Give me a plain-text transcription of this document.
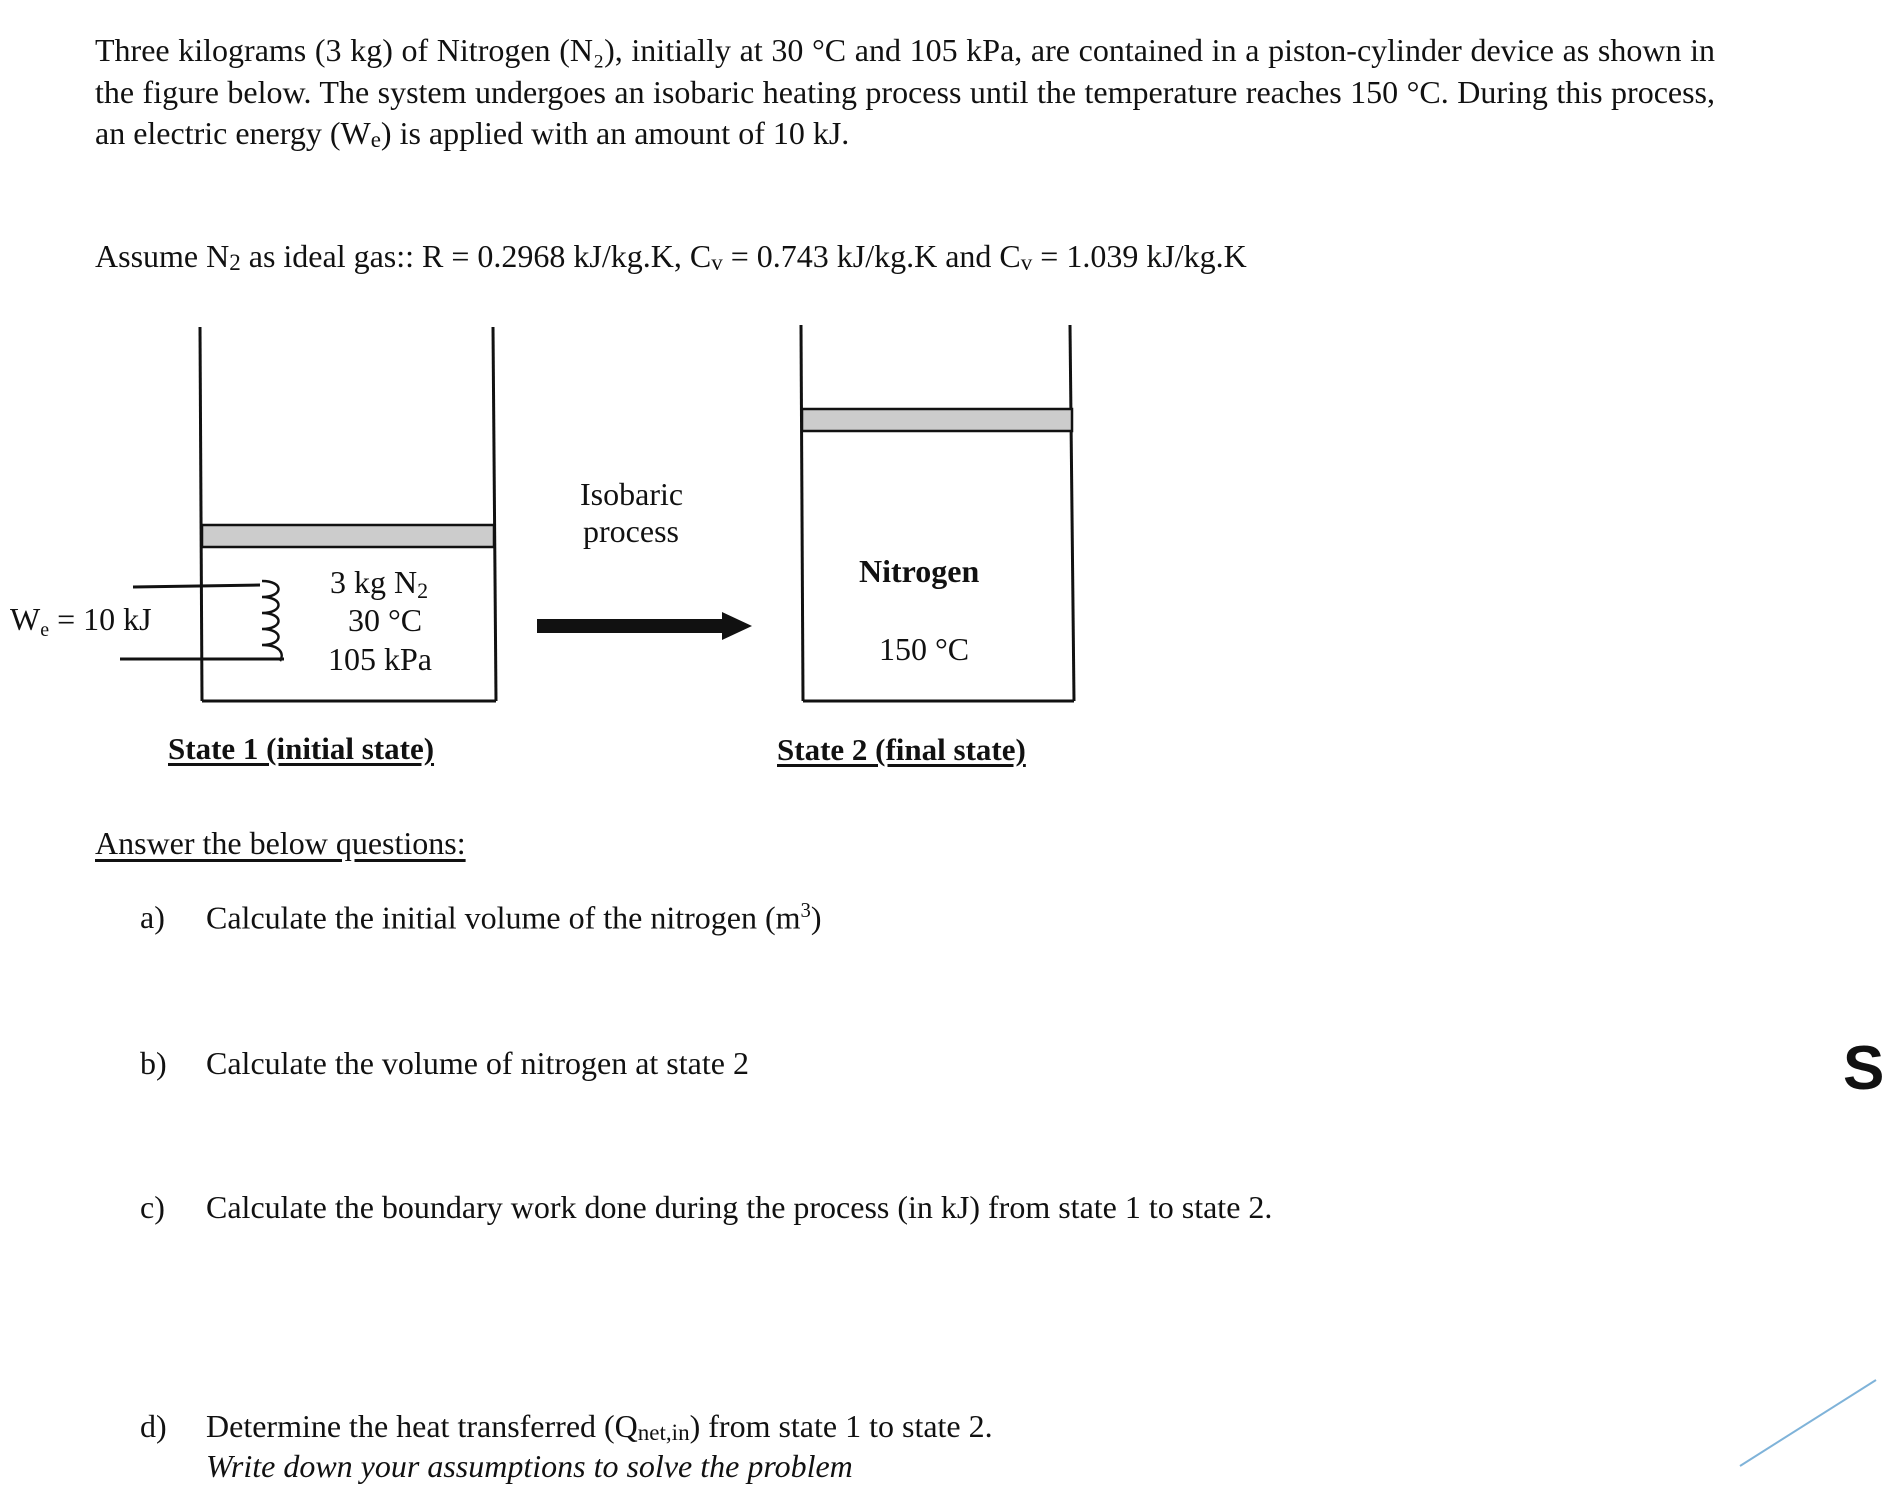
Three kilograms (3 kg) of Nitrogen (N₂), initially at 30 °C and 105 kPa, are contained in a piston-cylinder device as shown in the figure below. The system undergoes an isobaric heating process until the temperature reaches 150 °C. During this process, an electric energy (We) is applied with an amount of 10 kJ.
Assume N2 as ideal gas:: R = 0.2968 kJ/kg.K, Cv = 0.743 kJ/kg.K and Cv = 1.039 kJ/kg.K
We = 10 kJ
3 kg N2
30 °C
105 kPa
Isobaric
process
Nitrogen
150 °C
State 1 (initial state)	State 2 (final state)
Answer the below questions:
a) Calculate the initial volume of the nitrogen $(m^3)$
b) Calculate the volume of nitrogen at state 2
c) Calculate the boundary work done during the process (in kJ) from state 1 to state 2.
d) Determine the heat transferred (Qnet,in) from state 1 to state 2.
Write down your assumptions to solve the problem
S
